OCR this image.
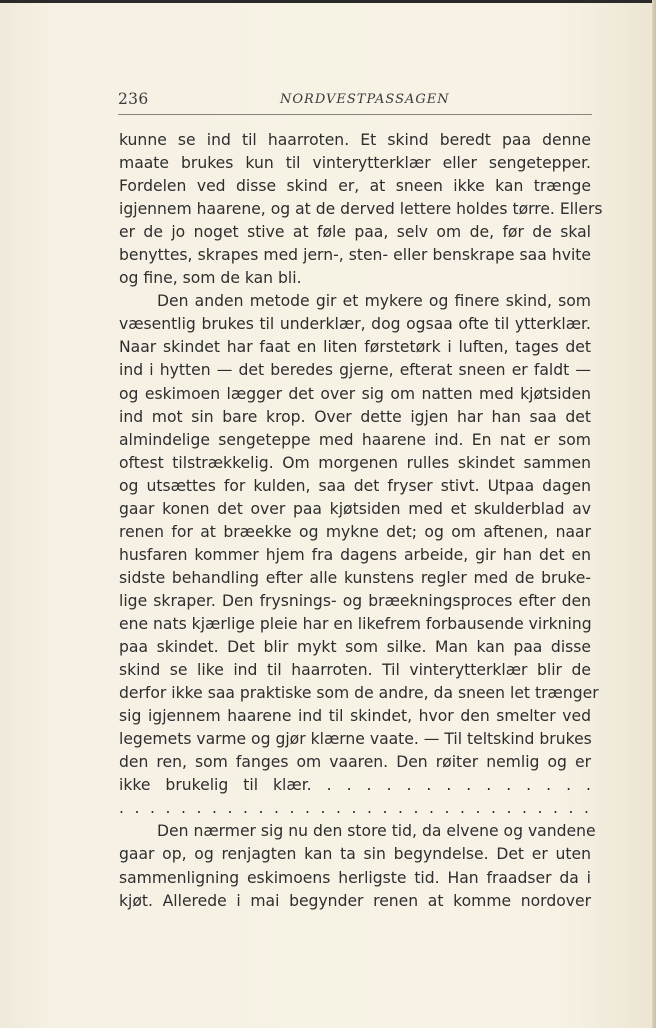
236	NORDVESTPASSAGEN
kunne se ind til haarroten. Et skind beredt paa denne
maate brukes kun til vinterytterklær eller sengetepper.
Fordelen ved disse skind er, at sneen ikke kan trænge
igjennem haarene, og at de derved lettere holdes tørre. Ellers
er de jo noget stive at føle paa, selv om de, før de skal
benyttes, skrapes med jern-, sten- eller benskrape saa hvite
og fine, som de kan bli.
Den anden metode gir et mykere og finere skind, som
væsentlig brukes til underklær, dog ogsaa ofte til ytterklær.
Naar skindet har faat en liten førstetørk i luften, tages det
ind i hytten — det beredes gjerne, efterat sneen er faldt —
og eskimoen lægger det over sig om natten med kjøtsiden
ind mot sin bare krop. Over dette igjen har han saa det
almindelige sengeteppe med haarene ind. En nat er som
oftest tilstrækkelig. Om morgenen rulles skindet sammen
og utsættes for kulden, saa det fryser stivt. Utpaa dagen
gaar konen det over paa kjøtsiden med et skulderblad av
renen for at bræekke og mykne det; og om aftenen, naar
husfaren kommer hjem fra dagens arbeide, gir han det en
sidste behandling efter alle kunstens regler med de bruke-
lige skraper. Den frysnings- og bræekningsproces efter den
ene nats kjærlige pleie har en likefrem forbausende virkning
paa skindet. Det blir mykt som silke. Man kan paa disse
skind se like ind til haarroten. Til vinterytterklær blir de
derfor ikke saa praktiske som de andre, da sneen let trænger
sig igjennem haarene ind til skindet, hvor den smelter ved
legemets varme og gjør klærne vaate. — Til teltskind brukes
den ren, som fanges om vaaren. Den røiter nemlig og er
ikke brukelig til klær. . . . . . . . . . . . . . .
. . . . . . . . . . . . . . . . . . . . . . . . . . . . . . .
Den nærmer sig nu den store tid, da elvene og vandene
gaar op, og renjagten kan ta sin begyndelse. Det er uten
sammenligning eskimoens herligste tid. Han fraadser da i
kjøt. Allerede i mai begynder renen at komme nordover
